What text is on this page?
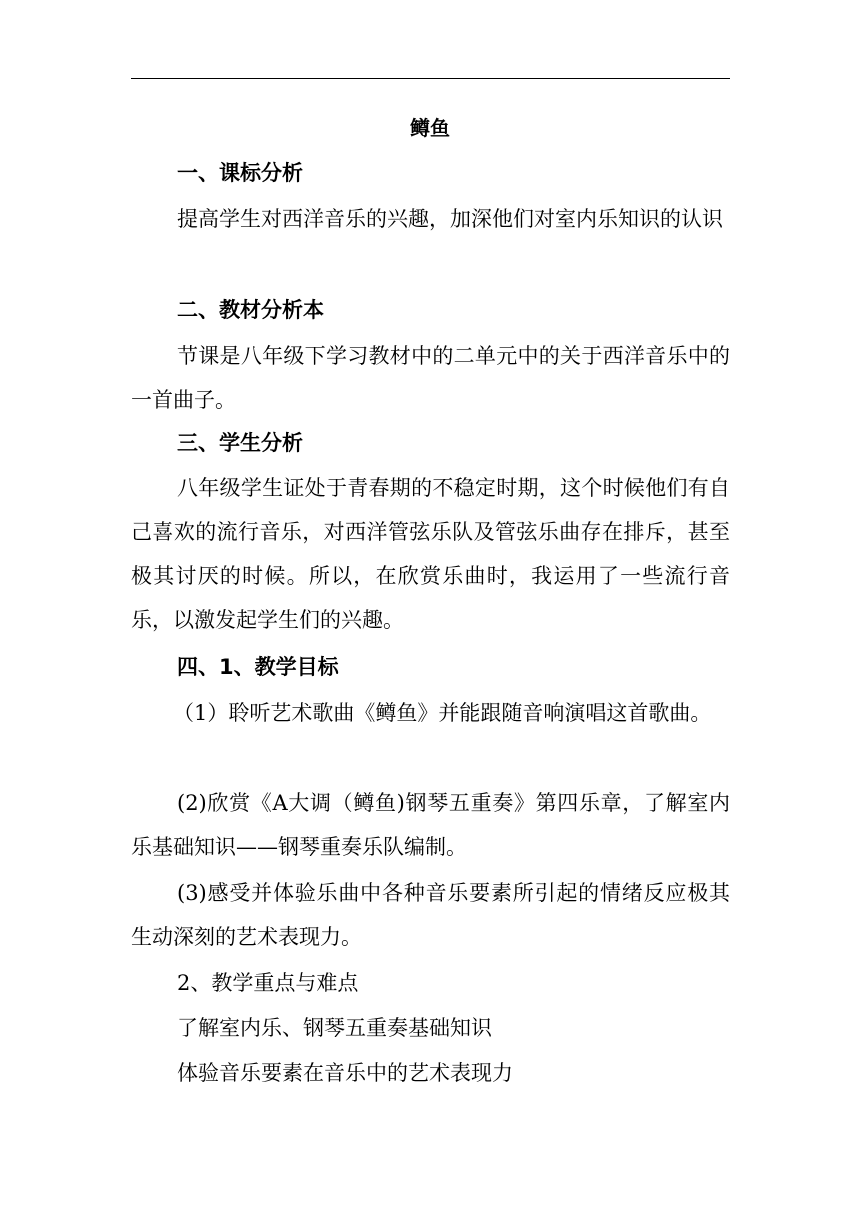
鳟鱼
一、课标分析
提高学生对西洋音乐的兴趣，加深他们对室内乐知识的认识
二、教材分析本
节课是八年级下学习教材中的二单元中的关于西洋音乐中的一首曲子。
三、学生分析
八年级学生证处于青春期的不稳定时期，这个时候他们有自己喜欢的流行音乐，对西洋管弦乐队及管弦乐曲存在排斥，甚至极其讨厌的时候。所以，在欣赏乐曲时，我运用了一些流行音乐，以激发起学生们的兴趣。
四、1、教学目标
（1）聆听艺术歌曲《鳟鱼》并能跟随音响演唱这首歌曲。
(2)欣赏《A大调（鳟鱼)钢琴五重奏》第四乐章，了解室内乐基础知识——钢琴重奏乐队编制。
(3)感受并体验乐曲中各种音乐要素所引起的情绪反应极其生动深刻的艺术表现力。
2、教学重点与难点
了解室内乐、钢琴五重奏基础知识
体验音乐要素在音乐中的艺术表现力
